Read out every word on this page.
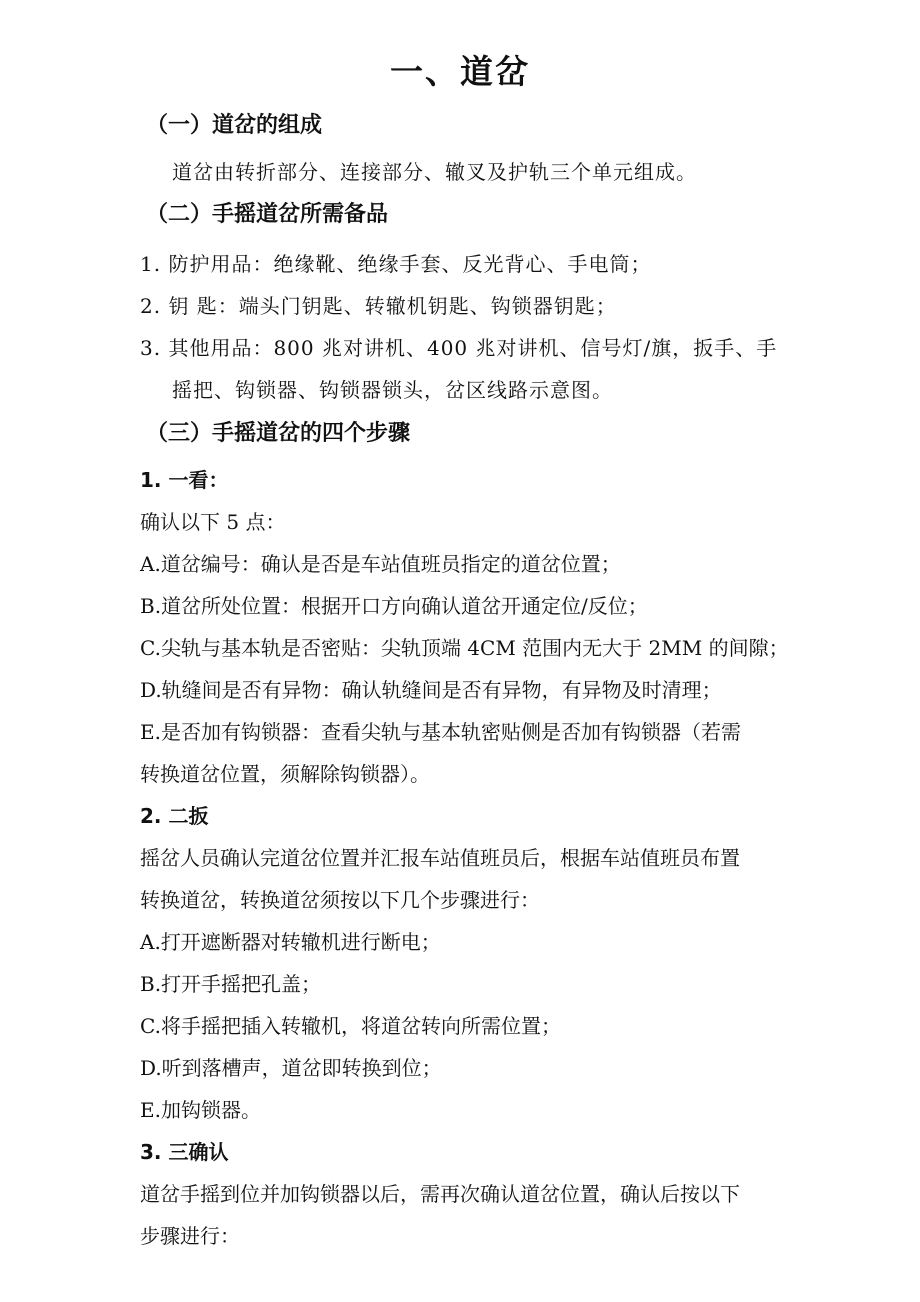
一、道岔
（一）道岔的组成
道岔由转折部分、连接部分、辙叉及护轨三个单元组成。
（二）手摇道岔所需备品
1. 防护用品：绝缘靴、绝缘手套、反光背心、手电筒；
2. 钥 匙：端头门钥匙、转辙机钥匙、钩锁器钥匙；
3. 其他用品：800 兆对讲机、400 兆对讲机、信号灯/旗，扳手、手
摇把、钩锁器、钩锁器锁头，岔区线路示意图。
（三）手摇道岔的四个步骤
1. 一看：
确认以下 5 点：
A.道岔编号：确认是否是车站值班员指定的道岔位置；
B.道岔所处位置：根据开口方向确认道岔开通定位/反位；
C.尖轨与基本轨是否密贴：尖轨顶端 4CM 范围内无大于 2MM 的间隙；
D.轨缝间是否有异物：确认轨缝间是否有异物，有异物及时清理；
E.是否加有钩锁器：查看尖轨与基本轨密贴侧是否加有钩锁器（若需
转换道岔位置，须解除钩锁器）。
2. 二扳
摇岔人员确认完道岔位置并汇报车站值班员后，根据车站值班员布置
转换道岔，转换道岔须按以下几个步骤进行：
A.打开遮断器对转辙机进行断电；
B.打开手摇把孔盖；
C.将手摇把插入转辙机，将道岔转向所需位置；
D.听到落槽声，道岔即转换到位；
E.加钩锁器。
3. 三确认
道岔手摇到位并加钩锁器以后，需再次确认道岔位置，确认后按以下
步骤进行：
